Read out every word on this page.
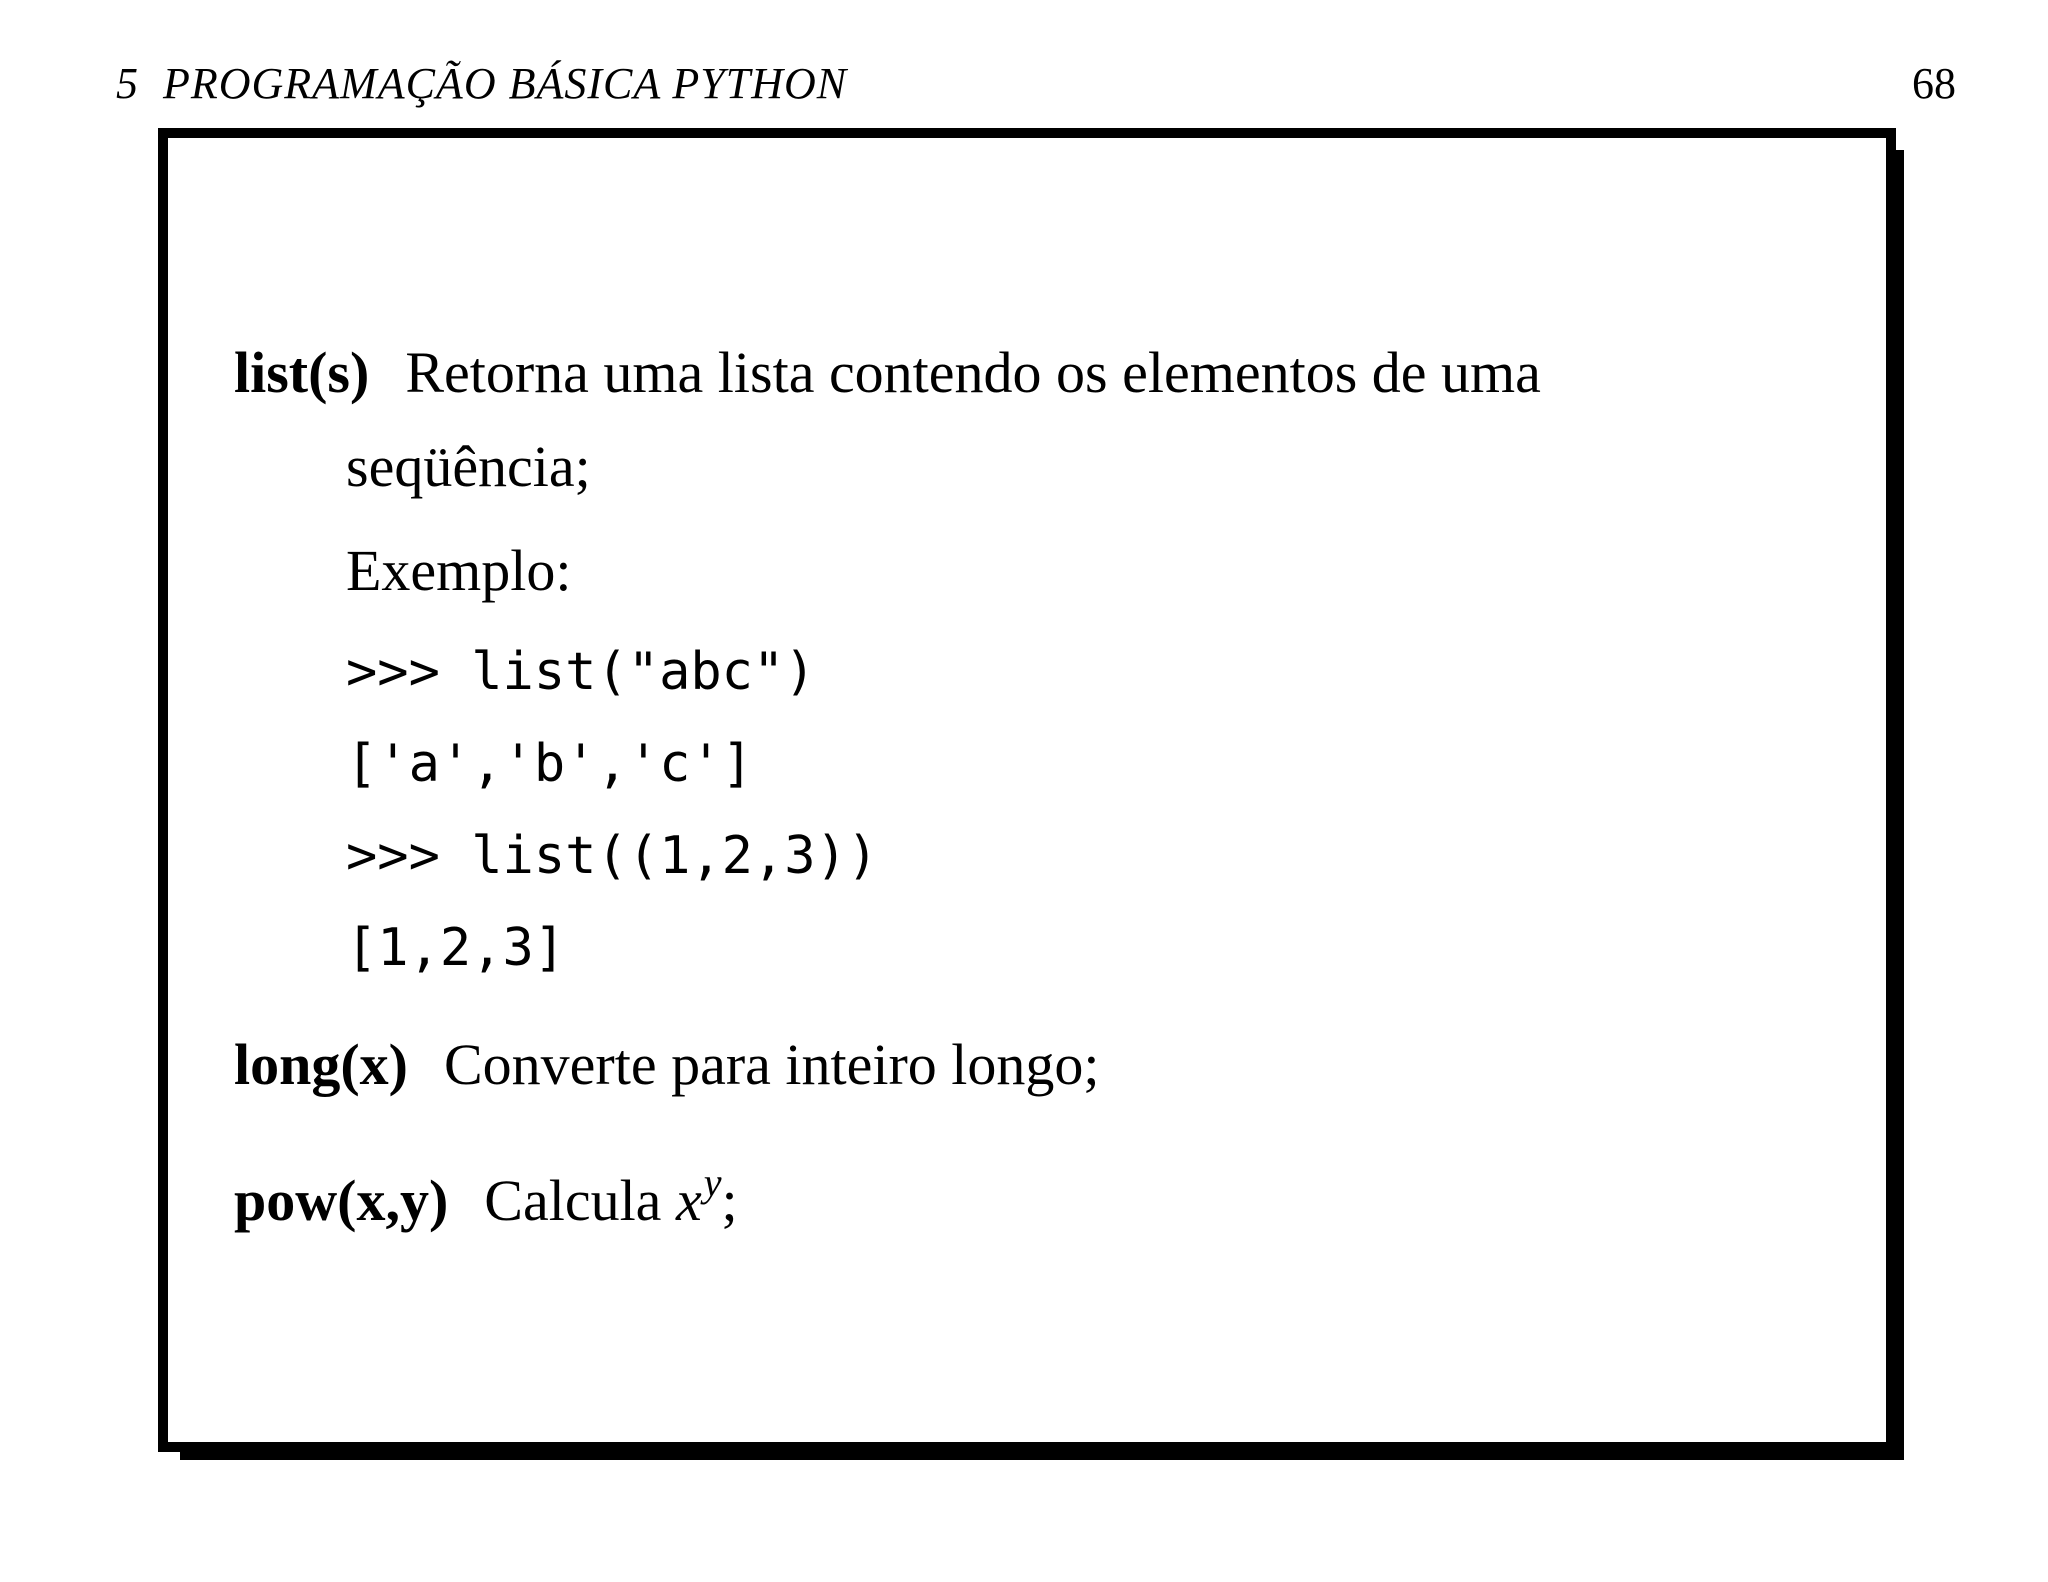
5 PROGRAMAÇÃO BÁSICA PYTHON	68
list(s) Retorna uma lista contendo os elementos de uma
seqüência;
Exemplo:
>>> list("abc")
['a','b','c']
>>> list((1,2,3))
[1,2,3]
long(x) Converte para inteiro longo;
pow(x,y) Calcula $x^y$;
